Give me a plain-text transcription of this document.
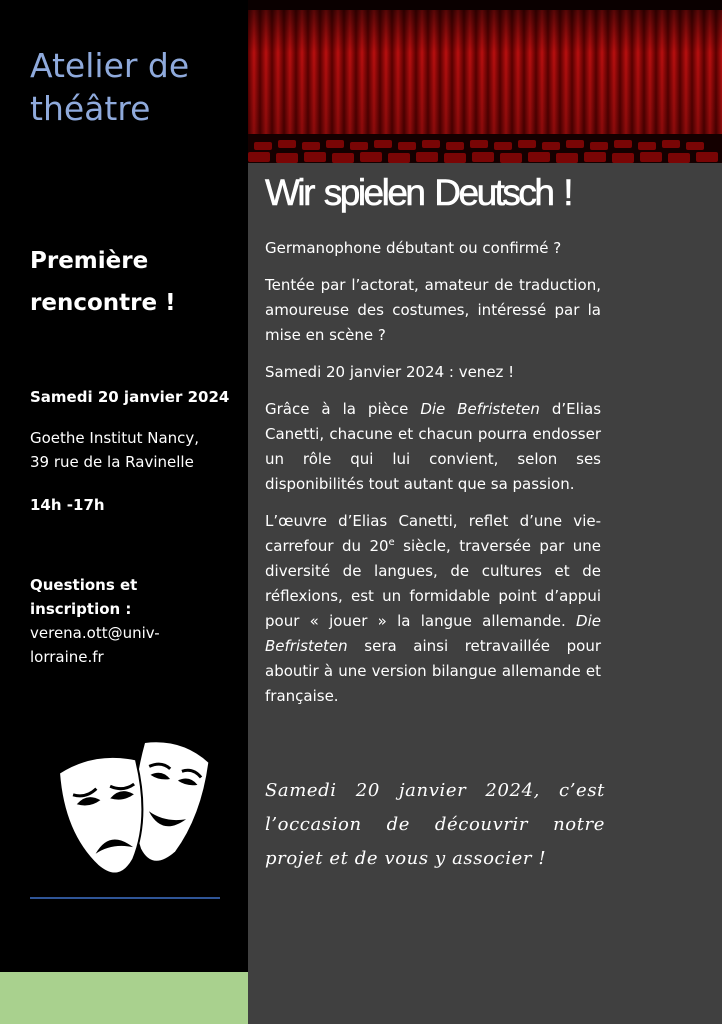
Atelier de théâtre
Première rencontre !
Samedi 20 janvier 2024
Goethe Institut Nancy,
39 rue de la Ravinelle
14h -17h
Questions et
inscription :
verena.ott@univ-
lorraine.fr
Wir spielen Deutsch !

Germanophone débutant ou confirmé ?

Tentée par l’actorat, amateur de traduction, amoureuse des costumes, intéressé par la mise en scène ?

Samedi 20 janvier 2024 : venez !

Grâce à la pièce Die Befristeten d’Elias Canetti, chacune et chacun pourra endosser un rôle qui lui convient, selon ses disponibilités tout autant que sa passion.

L’œuvre d’Elias Canetti, reflet d’une vie-carrefour du 20e siècle, traversée par une diversité de langues, de cultures et de réflexions, est un formidable point d’appui pour « jouer » la langue allemande. Die Befristeten sera ainsi retravaillée pour aboutir à une version bilangue allemande et française.

Samedi 20 janvier 2024, c’est l’occasion de découvrir notre projet et de vous y associer !
